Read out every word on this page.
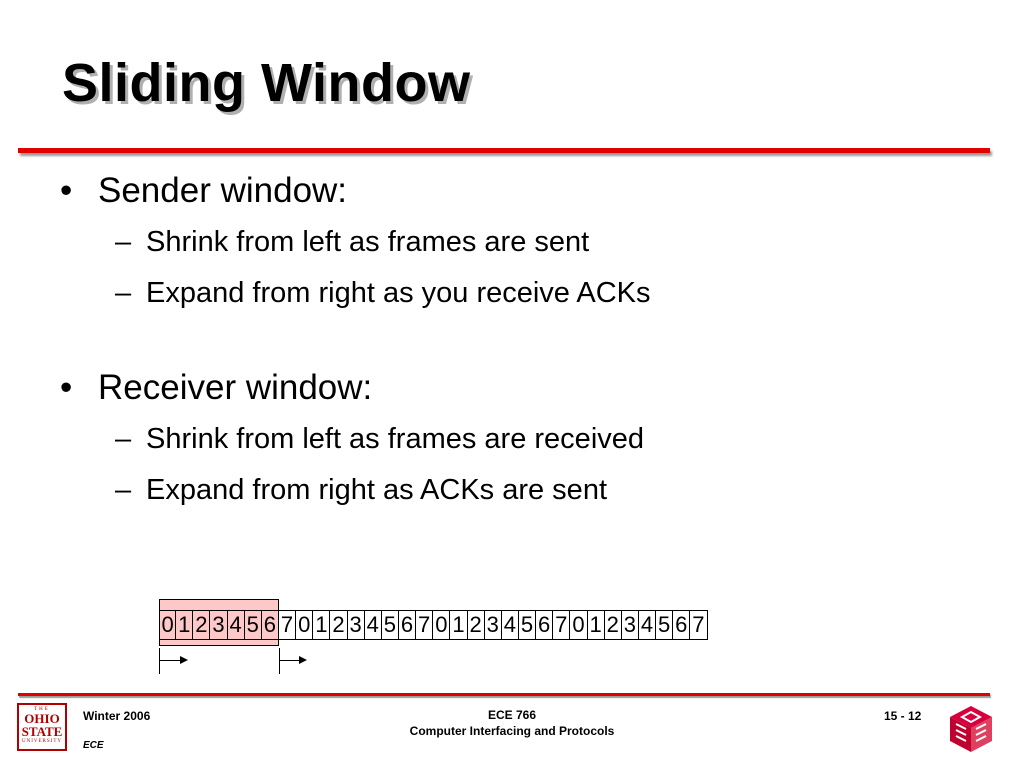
Sliding Window
• Sender window:
– Shrink from left as frames are sent
– Expand from right as you receive ACKs
• Receiver window:
– Shrink from left as frames are received
– Expand from right as ACKs are sent
0 1 2 3 4 5 6 7 0 1 2 3 4 5 6 7 0 1 2 3 4 5 6 7 0 1 2 3 4 5 6 7
THE
OHIO
STATE
UNIVERSITY
Winter 2006
ECE
ECE 766
Computer Interfacing and Protocols
15 - 12
